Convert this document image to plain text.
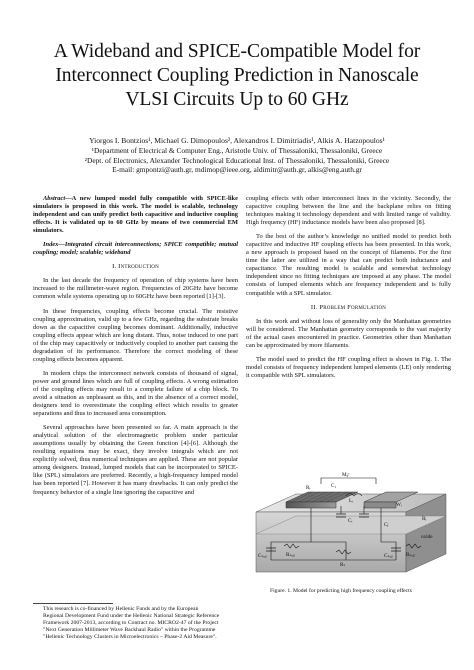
A Wideband and SPICE-Compatible Model for
Interconnect Coupling Prediction in Nanoscale
VLSI Circuits Up to 60 GHz
Yiorgos I. Bontzios¹, Michael G. Dimopoulos², Alexandros I. Dimitriadis¹, Alkis A. Hatzopoulos¹
¹Department of Electrical & Computer Eng., Aristotle Univ. of Thessaloniki, Thessaloniki, Greece
²Dept. of Electronics, Alexander Technological Educational Inst. of Thessaloniki, Thessaloniki, Greece
E-mail: gmpontzi@auth.gr, mdimop@ieee.org, aldimitr@auth.gr, alkis@eng.auth.gr

Abstract—A new lumped model fully compatible with SPICE-like simulators is proposed in this work. The model is scalable, technology independent and can unify predict both capacitive and inductive coupling effects. It is validated up to 60 GHz by means of two commercial EM simulators.

Index—Integrated circuit interconnections; SPICE compatible; mutual coupling; model; scalable; wideband

I. Introduction

In the last decade the frequency of operation of chip systems have been increased to the millimeter-wave region. Frequencies of 20GHz have become common while systems operating up to 60GHz have been reported [1]-[3].

In these frequencies, coupling effects become crucial. The resistive coupling approximation, valid up to a few GHz, regarding the substrate breaks down as the capacitive coupling becomes dominant. Additionally, inductive coupling effects appear which are long distant. Thus, noise induced to one part of the chip may capacitively or inductively coupled to another part causing the degradation of its performance. Therefore the correct modeling of these coupling effects becomes apparent.

In modern chips the interconnect network consists of thousand of signal, power and ground lines which are full of coupling effects. A wrong estimation of the coupling effects may result to a complete failure of a chip block. To avoid a situation as unpleasant as this, and in the absence of a correct model, designers tend to overestimate the coupling effect which results to greater separations and thus to increased area consumption.

Several approaches have been presented so far. A main approach is the analytical solution of the electromagnetic problem under particular assumptions usually by obtaining the Green function [4]-[6]. Although the resulting equations may be exact, they involve integrals which are not explicitly solved, thus numerical techniques are applied. These are not popular among designers. Instead, lumped models that can be incorporated to SPICE-like (SPL) simulators are preferred. Recently, a high-frequency lumped model has been reported [7]. However it has many drawbacks. It can only predict the frequency behavior of a single line ignoring the capacitive and

This research is co-financed by Hellenic Funds and by the European
Regional Development Fund under the Hellenic National Strategic Reference
Framework 2007-2013, according to Contract no. MICRO2-47 of the Project
"Next Generation Millimeter Wave Backhaul Radio" within the Programme
"Hellenic Technology Clusters in Microelectronics – Phase-2 Aid Measure".

coupling effects with other interconnect lines in the vicinity. Secondly, the capacitive coupling between the line and the backplane relies on fitting techniques making it technology dependent and with limited range of validity. High frequency (HF) inductance models have been also proposed [8].

To the best of the author’s knowledge no unified model to predict both capacitive and inductive HF coupling effects has been presented. In this work, a new approach is proposed based on the concept of filaments. For the first time the latter are utilized in a way that can predict both inductance and capacitance. The resulting model is scalable and somewhat technology independent since no fitting techniques are imposed at any phase. The model consists of lumped elements which are frequency independent and is fully compatible with a SPL simulator.

II. Problem Formulation

In this work and without loss of generality only the Manhattan geometries will be considered. The Manhattan geometry corresponds to the vast majority of the actual cases encountered in practice. Geometries other than Manhattan can be approximated by more filaments.

The model used to predict the HF coupling effect is shown in Fig. 1. The model consists of frequency independent lumped elements (LE) only rendering it compatible with SPL simulators.

Mᵢⱼᶜ
C₁
Cᵢ
Rᵢ
Lᵢ
Wᵢ
Rⱼ
Cⱼ
oxide
Cₛᵤᵦ	Rₛᵤᵦ
Rₛ
Cₛᵤᵦ	Rₛᵤᵦ
Figure. 1. Model for predicting high frequency coupling effects
